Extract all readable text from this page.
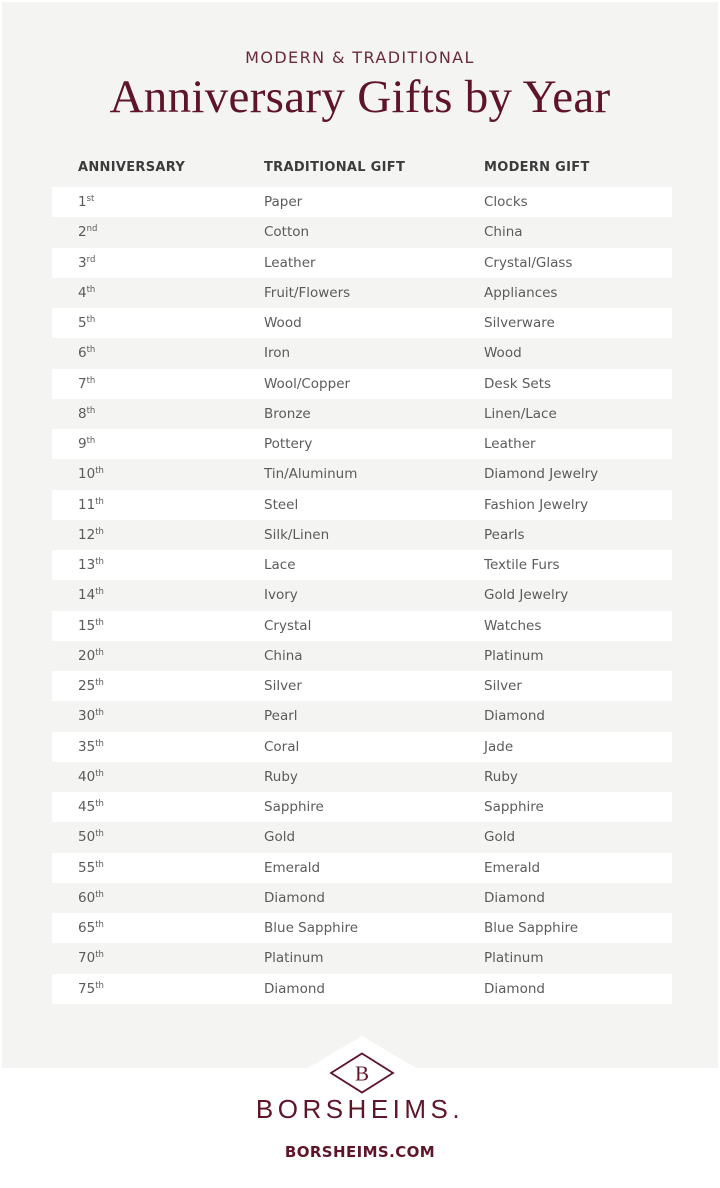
MODERN & TRADITIONAL
Anniversary Gifts by Year
ANNIVERSARY	TRADITIONAL GIFT	MODERN GIFT
1st	Paper	Clocks
2nd	Cotton	China
3rd	Leather	Crystal/Glass
4th	Fruit/Flowers	Appliances
5th	Wood	Silverware
6th	Iron	Wood
7th	Wool/Copper	Desk Sets
8th	Bronze	Linen/Lace
9th	Pottery	Leather
10th	Tin/Aluminum	Diamond Jewelry
11th	Steel	Fashion Jewelry
12th	Silk/Linen	Pearls
13th	Lace	Textile Furs
14th	Ivory	Gold Jewelry
15th	Crystal	Watches
20th	China	Platinum
25th	Silver	Silver
30th	Pearl	Diamond
35th	Coral	Jade
40th	Ruby	Ruby
45th	Sapphire	Sapphire
50th	Gold	Gold
55th	Emerald	Emerald
60th	Diamond	Diamond
65th	Blue Sapphire	Blue Sapphire
70th	Platinum	Platinum
75th	Diamond	Diamond
B
BORSHEIMS.
BORSHEIMS.COM
